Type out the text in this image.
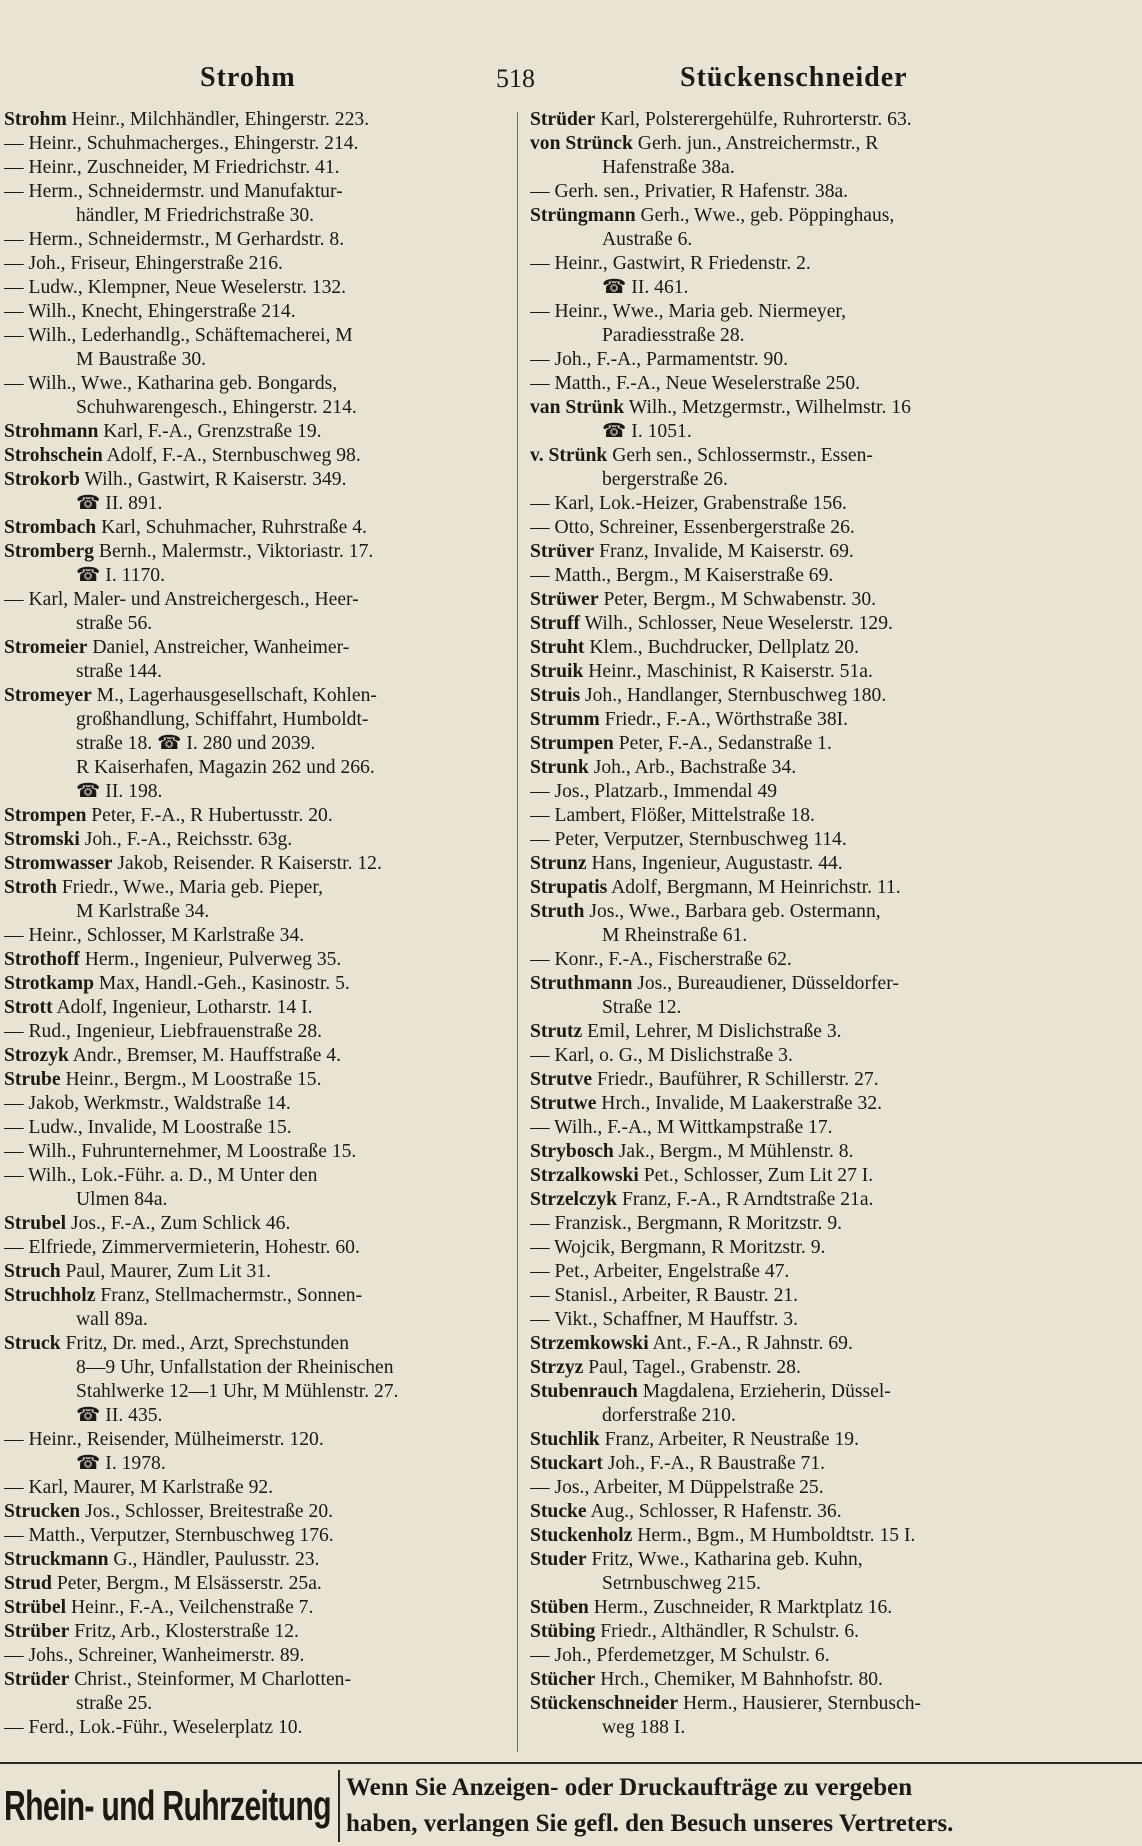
Strohm	518	Stückenschneider
Strohm Heinr., Milchhändler, Ehingerstr. 223.
— Heinr., Schuhmacherges., Ehingerstr. 214.
— Heinr., Zuschneider, M Friedrichstr. 41.
— Herm., Schneidermstr. und Manufaktur-
händler, M Friedrichstraße 30.
— Herm., Schneidermstr., M Gerhardstr. 8.
— Joh., Friseur, Ehingerstraße 216.
— Ludw., Klempner, Neue Weselerstr. 132.
— Wilh., Knecht, Ehingerstraße 214.
— Wilh., Lederhandlg., Schäftemacherei, M
M Baustraße 30.
— Wilh., Wwe., Katharina geb. Bongards,
Schuhwarengesch., Ehingerstr. 214.
Strohmann Karl, F.-A., Grenzstraße 19.
Strohschein Adolf, F.-A., Sternbuschweg 98.
Strokorb Wilh., Gastwirt, R Kaiserstr. 349.
☎ II. 891.
Strombach Karl, Schuhmacher, Ruhrstraße 4.
Stromberg Bernh., Malermstr., Viktoriastr. 17.
☎ I. 1170.
— Karl, Maler- und Anstreichergesch., Heer-
straße 56.
Stromeier Daniel, Anstreicher, Wanheimer-
straße 144.
Stromeyer M., Lagerhausgesellschaft, Kohlen-
großhandlung, Schiffahrt, Humboldt-
straße 18. ☎ I. 280 und 2039.
R Kaiserhafen, Magazin 262 und 266.
☎ II. 198.
Strompen Peter, F.-A., R Hubertusstr. 20.
Stromski Joh., F.-A., Reichsstr. 63g.
Stromwasser Jakob, Reisender. R Kaiserstr. 12.
Stroth Friedr., Wwe., Maria geb. Pieper,
M Karlstraße 34.
— Heinr., Schlosser, M Karlstraße 34.
Strothoff Herm., Ingenieur, Pulverweg 35.
Strotkamp Max, Handl.-Geh., Kasinostr. 5.
Strott Adolf, Ingenieur, Lotharstr. 14 I.
— Rud., Ingenieur, Liebfrauenstraße 28.
Strozyk Andr., Bremser, M. Hauffstraße 4.
Strube Heinr., Bergm., M Loostraße 15.
— Jakob, Werkmstr., Waldstraße 14.
— Ludw., Invalide, M Loostraße 15.
— Wilh., Fuhrunternehmer, M Loostraße 15.
— Wilh., Lok.-Führ. a. D., M Unter den
Ulmen 84a.
Strubel Jos., F.-A., Zum Schlick 46.
— Elfriede, Zimmervermieterin, Hohestr. 60.
Struch Paul, Maurer, Zum Lit 31.
Struchholz Franz, Stellmachermstr., Sonnen-
wall 89a.
Struck Fritz, Dr. med., Arzt, Sprechstunden
8—9 Uhr, Unfallstation der Rheinischen
Stahlwerke 12—1 Uhr, M Mühlenstr. 27.
☎ II. 435.
— Heinr., Reisender, Mülheimerstr. 120.
☎ I. 1978.
— Karl, Maurer, M Karlstraße 92.
Strucken Jos., Schlosser, Breitestraße 20.
— Matth., Verputzer, Sternbuschweg 176.
Struckmann G., Händler, Paulusstr. 23.
Strud Peter, Bergm., M Elsässerstr. 25a.
Strübel Heinr., F.-A., Veilchenstraße 7.
Strüber Fritz, Arb., Klosterstraße 12.
— Johs., Schreiner, Wanheimerstr. 89.
Strüder Christ., Steinformer, M Charlotten-
straße 25.
— Ferd., Lok.-Führ., Weselerplatz 10.
Strüder Karl, Polsterergehülfe, Ruhrorterstr. 63.
von Strünck Gerh. jun., Anstreichermstr., R
Hafenstraße 38a.
— Gerh. sen., Privatier, R Hafenstr. 38a.
Strüngmann Gerh., Wwe., geb. Pöppinghaus,
Austraße 6.
— Heinr., Gastwirt, R Friedenstr. 2.
☎ II. 461.
— Heinr., Wwe., Maria geb. Niermeyer,
Paradiesstraße 28.
— Joh., F.-A., Parmamentstr. 90.
— Matth., F.-A., Neue Weselerstraße 250.
van Strünk Wilh., Metzgermstr., Wilhelmstr. 16
☎ I. 1051.
v. Strünk Gerh sen., Schlossermstr., Essen-
bergerstraße 26.
— Karl, Lok.-Heizer, Grabenstraße 156.
— Otto, Schreiner, Essenbergerstraße 26.
Strüver Franz, Invalide, M Kaiserstr. 69.
— Matth., Bergm., M Kaiserstraße 69.
Strüwer Peter, Bergm., M Schwabenstr. 30.
Struff Wilh., Schlosser, Neue Weselerstr. 129.
Struht Klem., Buchdrucker, Dellplatz 20.
Struik Heinr., Maschinist, R Kaiserstr. 51a.
Struis Joh., Handlanger, Sternbuschweg 180.
Strumm Friedr., F.-A., Wörthstraße 38I.
Strumpen Peter, F.-A., Sedanstraße 1.
Strunk Joh., Arb., Bachstraße 34.
— Jos., Platzarb., Immendal 49
— Lambert, Flößer, Mittelstraße 18.
— Peter, Verputzer, Sternbuschweg 114.
Strunz Hans, Ingenieur, Augustastr. 44.
Strupatis Adolf, Bergmann, M Heinrichstr. 11.
Struth Jos., Wwe., Barbara geb. Ostermann,
M Rheinstraße 61.
— Konr., F.-A., Fischerstraße 62.
Struthmann Jos., Bureaudiener, Düsseldorfer-
Straße 12.
Strutz Emil, Lehrer, M Dislichstraße 3.
— Karl, o. G., M Dislichstraße 3.
Strutve Friedr., Bauführer, R Schillerstr. 27.
Strutwe Hrch., Invalide, M Laakerstraße 32.
— Wilh., F.-A., M Wittkampstraße 17.
Strybosch Jak., Bergm., M Mühlenstr. 8.
Strzalkowski Pet., Schlosser, Zum Lit 27 I.
Strzelczyk Franz, F.-A., R Arndtstraße 21a.
— Franzisk., Bergmann, R Moritzstr. 9.
— Wojcik, Bergmann, R Moritzstr. 9.
— Pet., Arbeiter, Engelstraße 47.
— Stanisl., Arbeiter, R Baustr. 21.
— Vikt., Schaffner, M Hauffstr. 3.
Strzemkowski Ant., F.-A., R Jahnstr. 69.
Strzyz Paul, Tagel., Grabenstr. 28.
Stubenrauch Magdalena, Erzieherin, Düssel-
dorferstraße 210.
Stuchlik Franz, Arbeiter, R Neustraße 19.
Stuckart Joh., F.-A., R Baustraße 71.
— Jos., Arbeiter, M Düppelstraße 25.
Stucke Aug., Schlosser, R Hafenstr. 36.
Stuckenholz Herm., Bgm., M Humboldtstr. 15 I.
Studer Fritz, Wwe., Katharina geb. Kuhn,
Setrnbuschweg 215.
Stüben Herm., Zuschneider, R Marktplatz 16.
Stübing Friedr., Althändler, R Schulstr. 6.
— Joh., Pferdemetzger, M Schulstr. 6.
Stücher Hrch., Chemiker, M Bahnhofstr. 80.
Stückenschneider Herm., Hausierer, Sternbusch-
weg 188 I.
Rhein- und Ruhrzeitung Wenn Sie Anzeigen- oder Druckaufträge zu vergeben
haben, verlangen Sie gefl. den Besuch unseres Vertreters.
